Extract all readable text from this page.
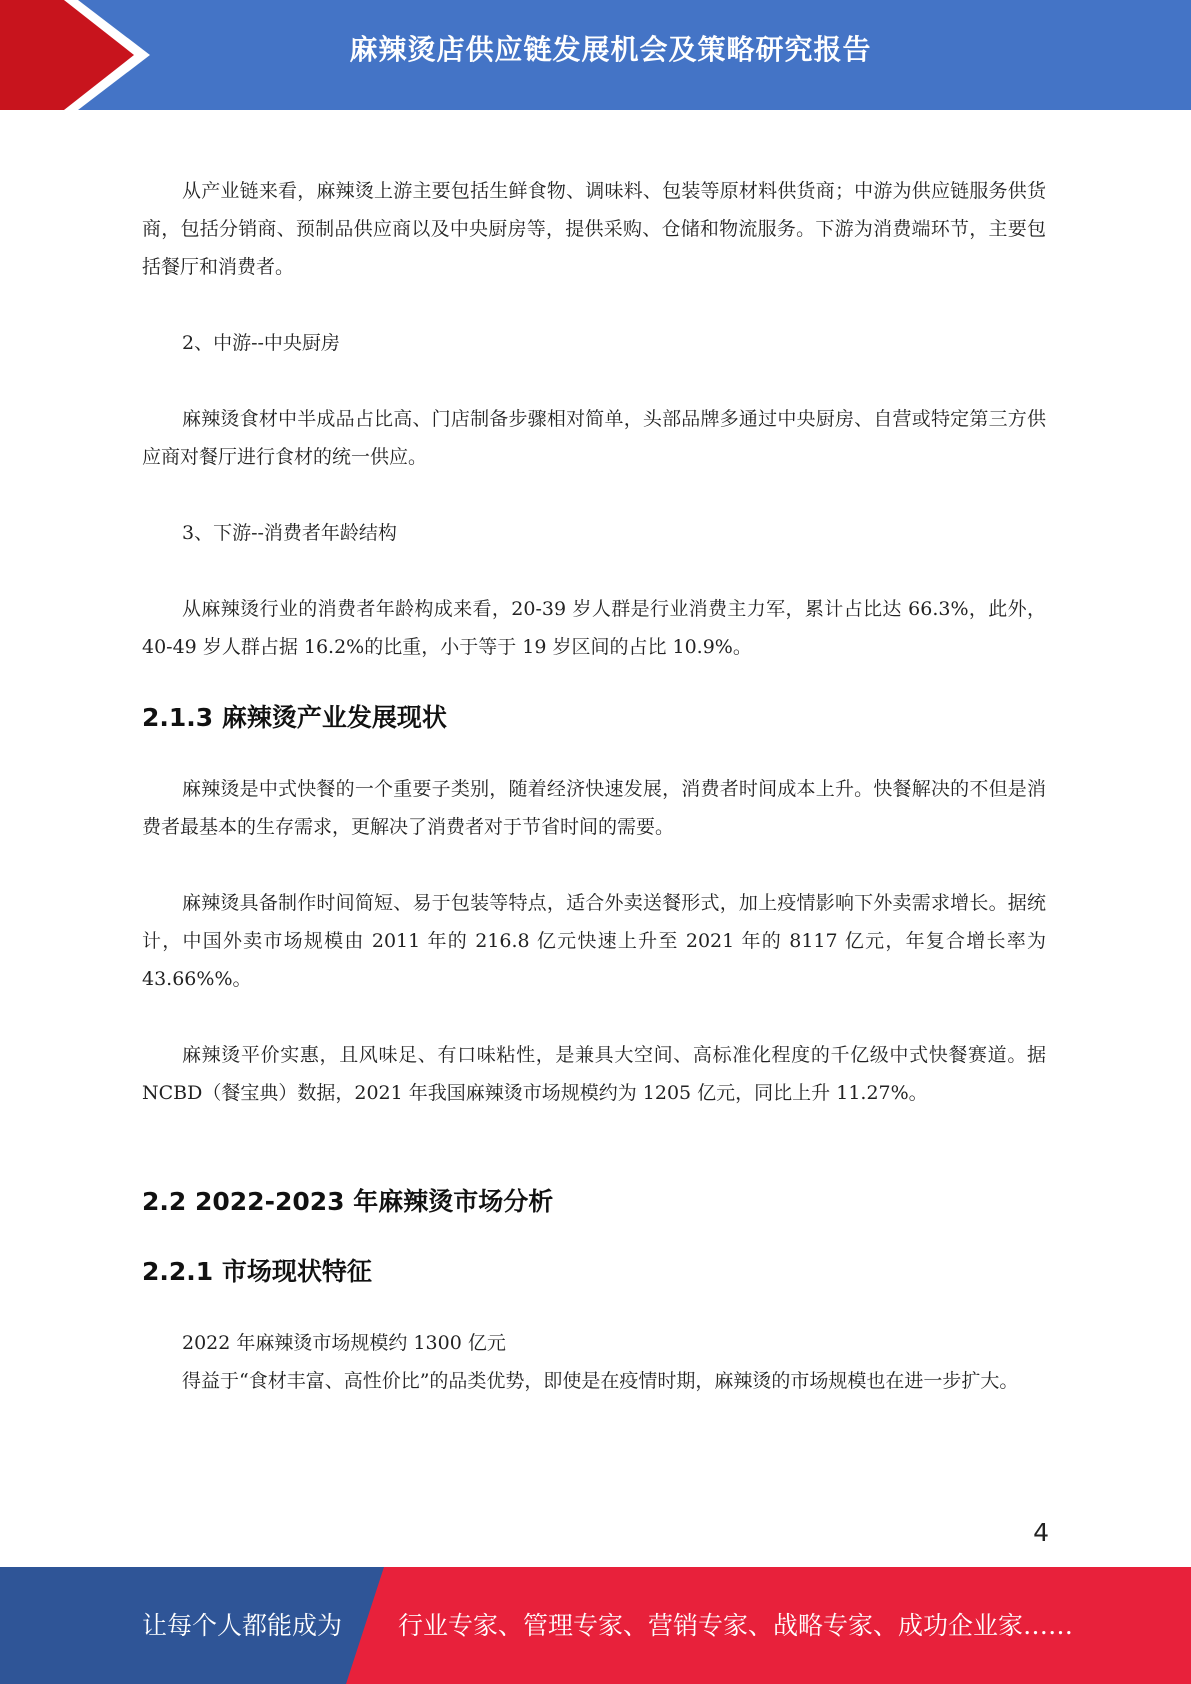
麻辣烫店供应链发展机会及策略研究报告

从产业链来看，麻辣烫上游主要包括生鲜食物、调味料、包装等原材料供货商；中游为供应链服务供货商，包括分销商、预制品供应商以及中央厨房等，提供采购、仓储和物流服务。下游为消费端环节，主要包括餐厅和消费者。

2、中游--中央厨房

麻辣烫食材中半成品占比高、门店制备步骤相对简单，头部品牌多通过中央厨房、自营或特定第三方供应商对餐厅进行食材的统一供应。

3、下游--消费者年龄结构

从麻辣烫行业的消费者年龄构成来看，20-39 岁人群是行业消费主力军，累计占比达 66.3%，此外，40-49 岁人群占据 16.2%的比重，小于等于 19 岁区间的占比 10.9%。

2.1.3 麻辣烫产业发展现状

麻辣烫是中式快餐的一个重要子类别，随着经济快速发展，消费者时间成本上升。快餐解决的不但是消费者最基本的生存需求，更解决了消费者对于节省时间的需要。

麻辣烫具备制作时间简短、易于包装等特点，适合外卖送餐形式，加上疫情影响下外卖需求增长。据统计，中国外卖市场规模由 2011 年的 216.8 亿元快速上升至 2021 年的 8117 亿元，年复合增长率为 43.66%%。

麻辣烫平价实惠，且风味足、有口味粘性，是兼具大空间、高标准化程度的千亿级中式快餐赛道。据 NCBD（餐宝典）数据，2021 年我国麻辣烫市场规模约为 1205 亿元，同比上升 11.27%。

2.2 2022-2023 年麻辣烫市场分析
2.2.1 市场现状特征

2022 年麻辣烫市场规模约 1300 亿元

得益于“食材丰富、高性价比”的品类优势，即使是在疫情时期，麻辣烫的市场规模也在进一步扩大。

4
让每个人都能成为 行业专家、管理专家、营销专家、战略专家、成功企业家……
